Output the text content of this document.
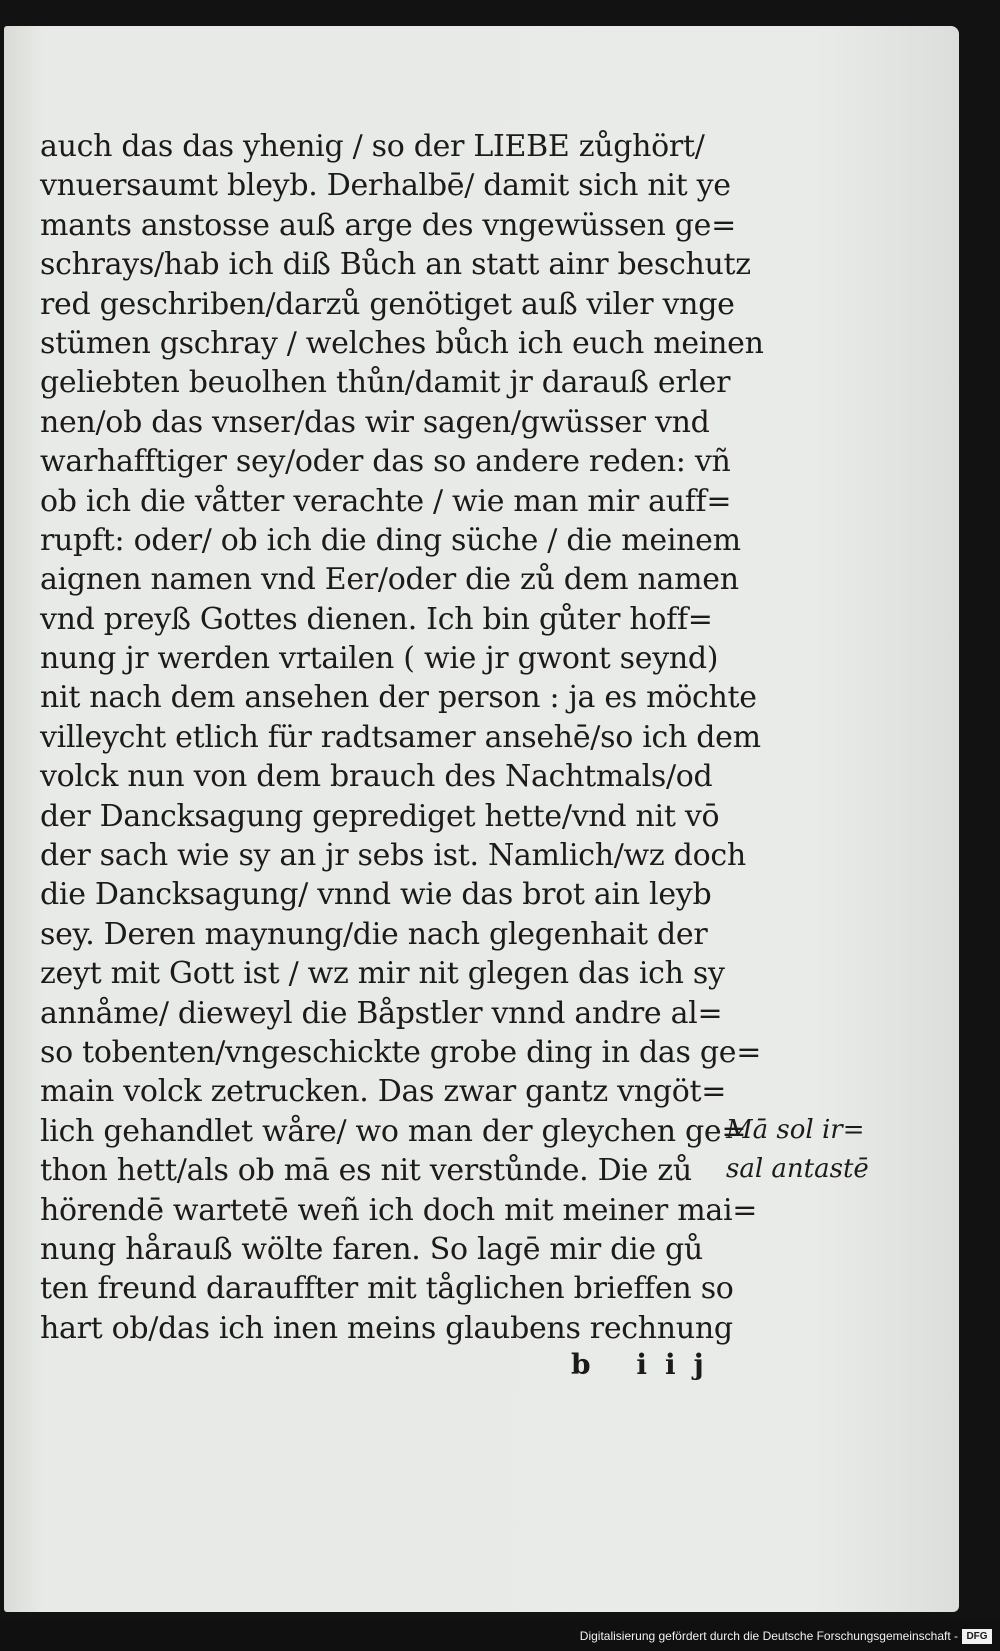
auch das das yhenig / so der LIEBE zůghört/
vnuersaumt bleyb. Derhalbē/ damit sich nit ye
mants anstosse auß arge des vngewüssen ge=
schrays/hab ich diß Bůch an statt ainr beschutz
red geschriben/darzů genötiget auß viler vnge
stümen gschray / welches bůch ich euch meinen
geliebten beuolhen thůn/damit jr darauß erler
nen/ob das vnser/das wir sagen/gwüsser vnd
warhafftiger sey/oder das so andere reden: vñ
ob ich die våtter verachte / wie man mir auff=
rupft: oder/ ob ich die ding süche / die meinem
aignen namen vnd Eer/oder die zů dem namen
vnd preyß Gottes dienen. Ich bin gůter hoff=
nung jr werden vrtailen ( wie jr gwont seynd)
nit nach dem ansehen der person : ja es möchte
villeycht etlich für radtsamer ansehē/so ich dem
volck nun von dem brauch des Nachtmals/od
der Dancksagung geprediget hette/vnd nit vō
der sach wie sy an jr sebs ist. Namlich/wz doch
die Dancksagung/ vnnd wie das brot ain leyb
sey. Deren maynung/die nach glegenhait der
zeyt mit Gott ist / wz mir nit glegen das ich sy
annåme/ dieweyl die Båpstler vnnd andre al=
so tobenten/vngeschickte grobe ding in das ge=
main volck zetrucken. Das zwar gantz vngöt=
lich gehandlet wåre/ wo man der gleychen ge=
thon hett/als ob mā es nit verstůnde. Die zů
hörendē wartetē weñ ich doch mit meiner mai=
nung hårauß wölte faren. So lagē mir die gů
ten freund darauffter mit tåglichen brieffen so
hart ob/das ich inen meins glaubens rechnung
Mā sol ir=
sal antastē
b iij
Digitalisierung gefördert durch die Deutsche Forschungsgemeinschaft - DFG
